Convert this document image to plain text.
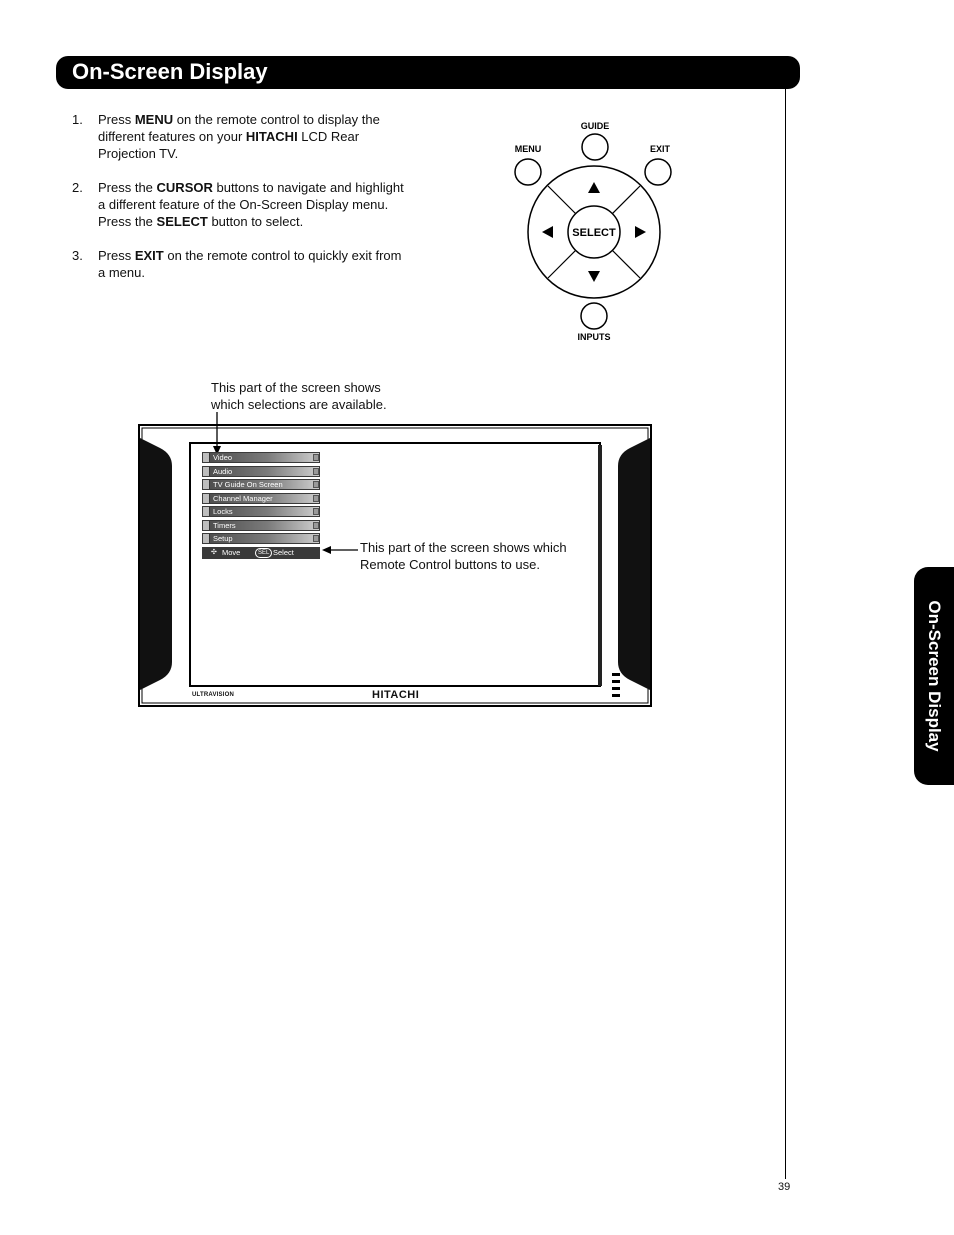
On-Screen Display
1. Press MENU on the remote control to display the different features on your HITACHI LCD Rear Projection TV.
2. Press the CURSOR buttons to navigate and highlight a different feature of the On-Screen Display menu. Press the SELECT button to select.
3. Press EXIT on the remote control to quickly exit from a menu.
GUIDE
MENU	EXIT
SELECT
INPUTS
This part of the screen shows which selections are available.
Video
Audio
TV Guide On Screen
Channel Manager
Locks
Timers
Setup
✣ Move	SEL Select	This part of the screen shows which Remote Control buttons to use.
ULTRAVISION	HITACHI	On-Screen Display
39
